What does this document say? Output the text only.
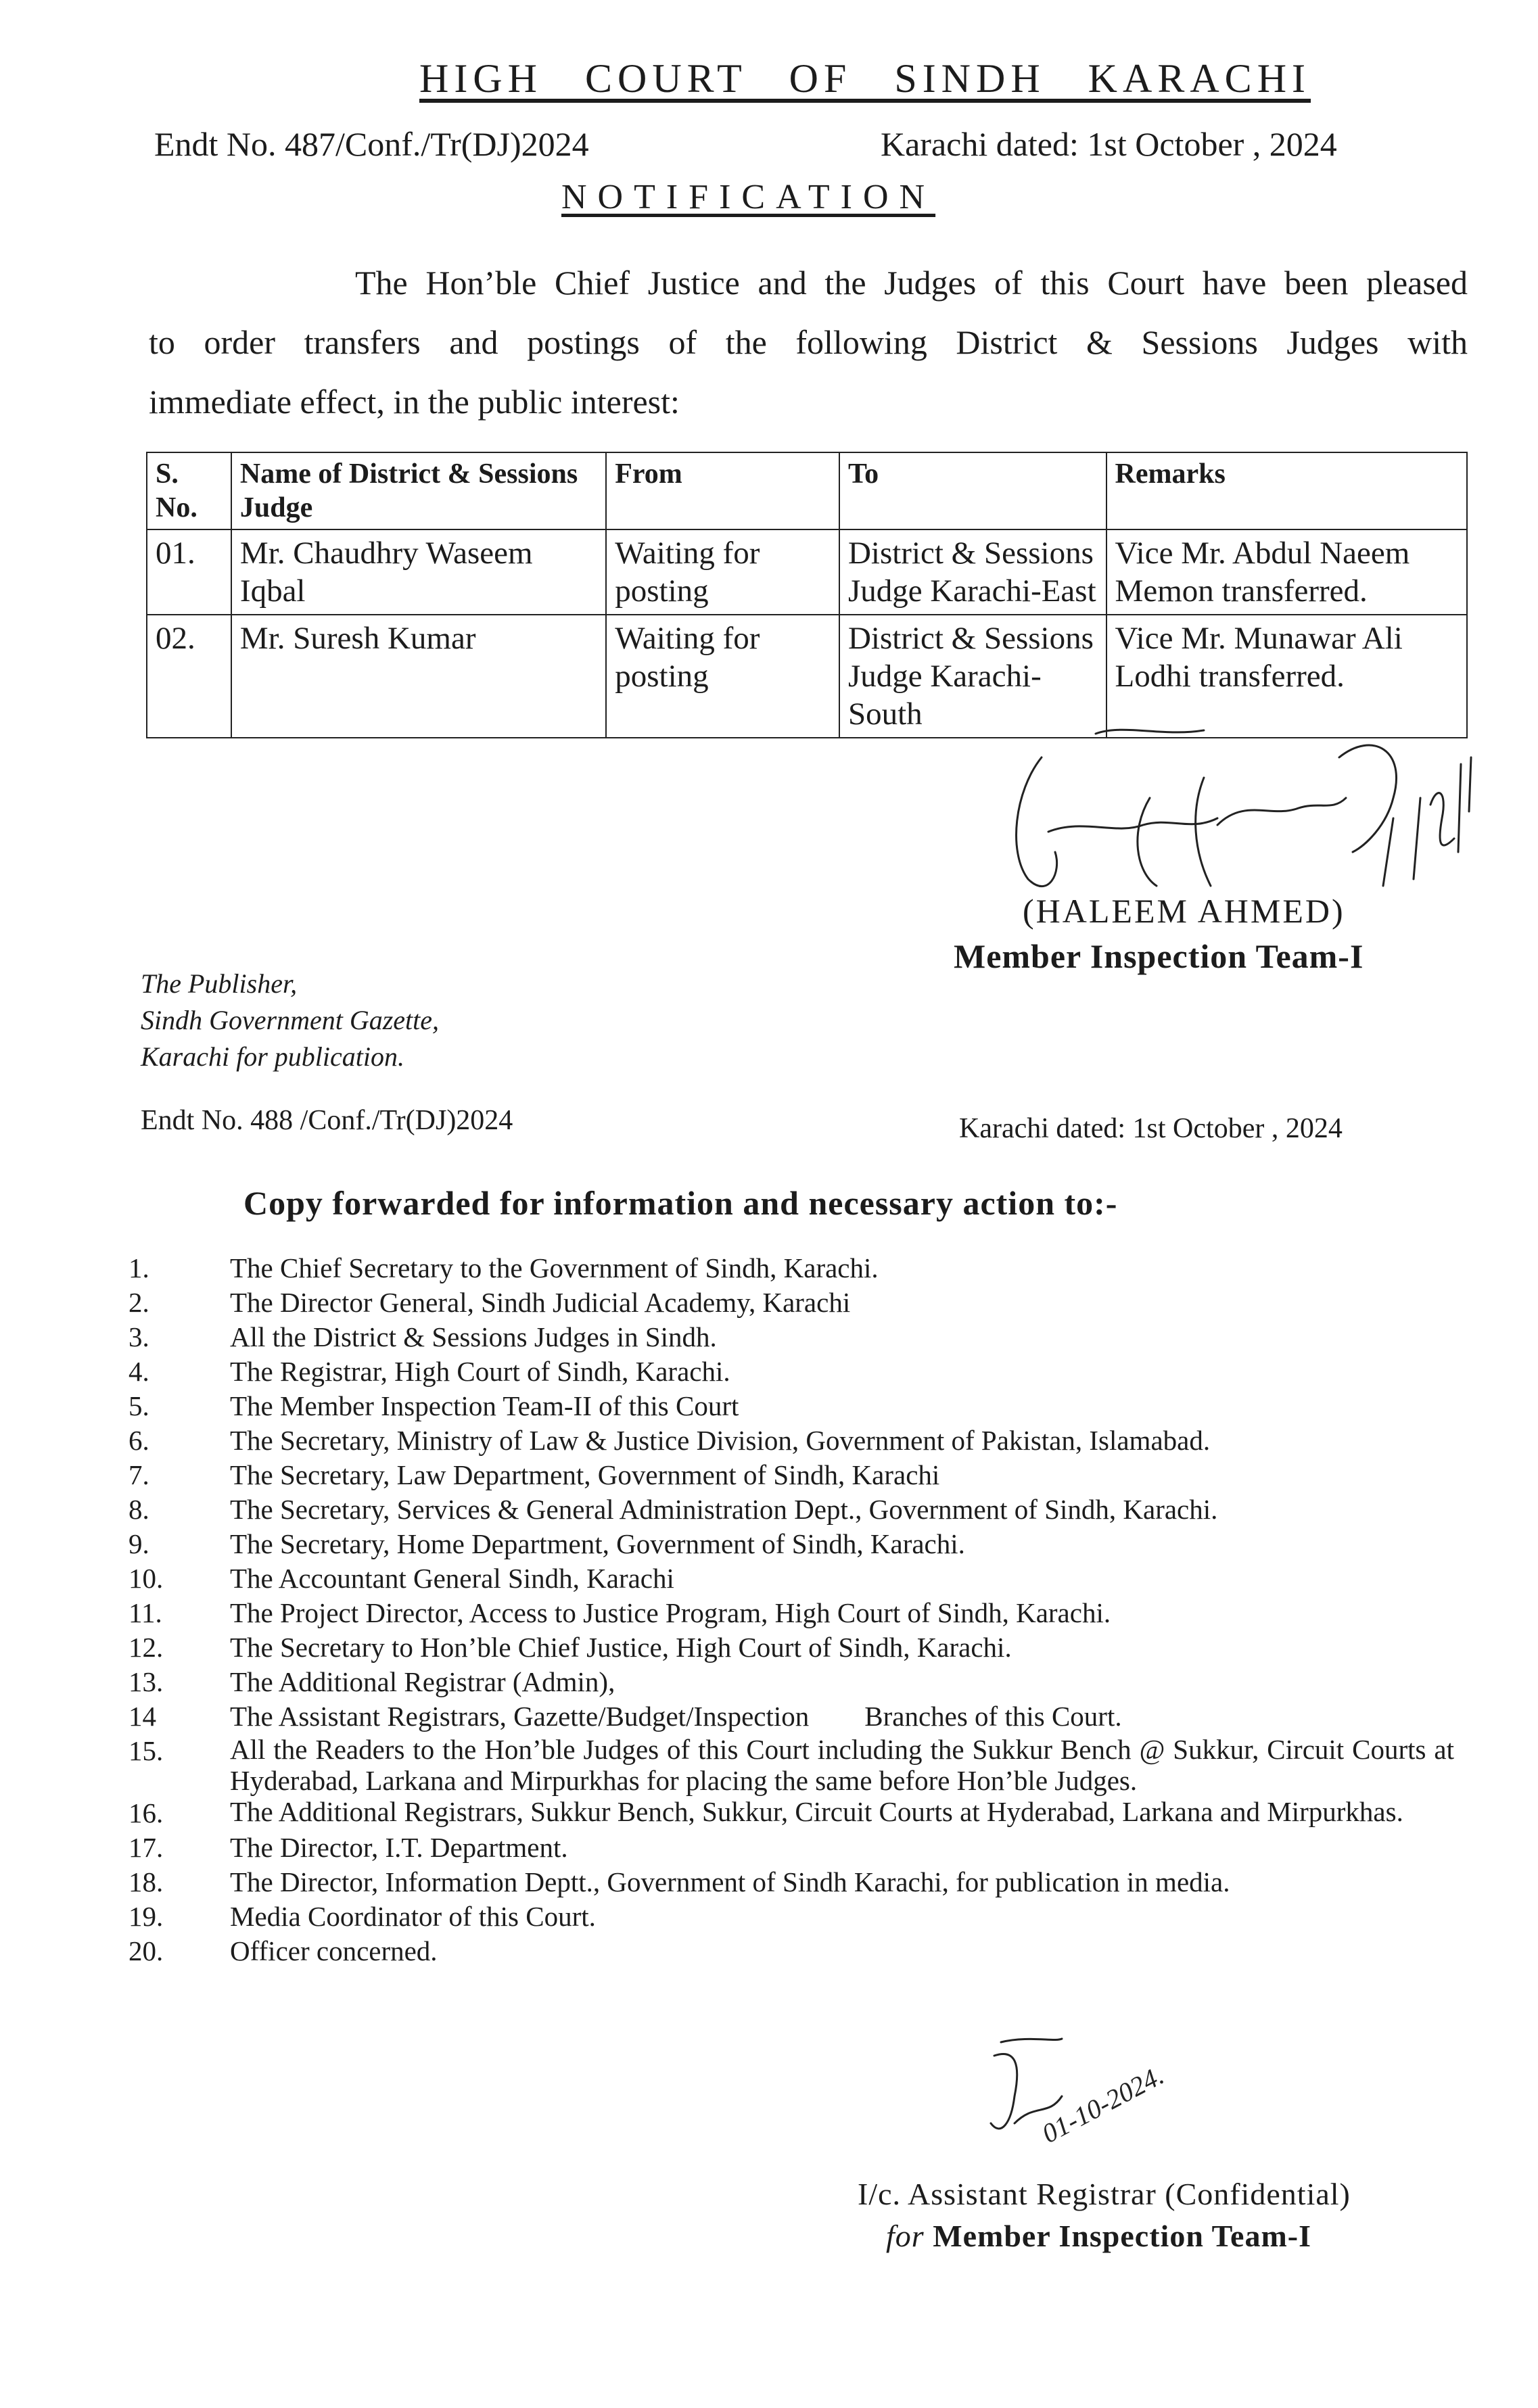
HIGH COURT OF SINDH KARACHI
Endt No. 487/Conf./Tr(DJ)2024	Karachi dated: 1st October , 2024
NOTIFICATION

The Hon’ble Chief Justice and the Judges of this Court have been pleased

to order transfers and postings of the following District & Sessions Judges with

immediate effect, in the public interest:

S. No.	Name of District & Sessions Judge	From	To	Remarks
01.	Mr. Chaudhry Waseem Iqbal	Waiting for posting	District & Sessions Judge Karachi-East	Vice Mr. Abdul Naeem Memon transferred.
02.	Mr. Suresh Kumar	Waiting for posting	District & Sessions Judge Karachi-South	Vice Mr. Munawar Ali Lodhi transferred.
(HALEEM AHMED)
Member Inspection Team-I
The Publisher,
Sindh Government Gazette,
Karachi for publication.
Endt No. 488 /Conf./Tr(DJ)2024	Karachi dated: 1st October , 2024
Copy forwarded for information and necessary action to:-
1.	The Chief Secretary to the Government of Sindh, Karachi.
2.	The Director General, Sindh Judicial Academy, Karachi
3.	All the District & Sessions Judges in Sindh.
4.	The Registrar, High Court of Sindh, Karachi.
5.	The Member Inspection Team-II of this Court
6.	The Secretary, Ministry of Law & Justice Division, Government of Pakistan, Islamabad.
7.	The Secretary, Law Department, Government of Sindh, Karachi
8.	The Secretary, Services & General Administration Dept., Government of Sindh, Karachi.
9.	The Secretary, Home Department, Government of Sindh, Karachi.
10.	The Accountant General Sindh, Karachi
11.	The Project Director, Access to Justice Program, High Court of Sindh, Karachi.
12.	The Secretary to Hon’ble Chief Justice, High Court of Sindh, Karachi.
13.	The Additional Registrar (Admin),
14	The Assistant Registrars, Gazette/Budget/Inspection        Branches of this Court.
15.	All the Readers to the Hon’ble Judges of this Court including the Sukkur Bench @ Sukkur, Circuit Courts at Hyderabad, Larkana and Mirpurkhas for placing the same before Hon’ble Judges.
16.	The Additional Registrars, Sukkur Bench, Sukkur, Circuit Courts at Hyderabad, Larkana and Mirpurkhas.
17.	The Director, I.T. Department.
18.	The Director, Information Deptt., Government of Sindh Karachi, for publication in media.
19.	Media Coordinator of this Court.
20.	Officer concerned.
01-10-2024.
I/c. Assistant Registrar (Confidential)
for Member Inspection Team-I
